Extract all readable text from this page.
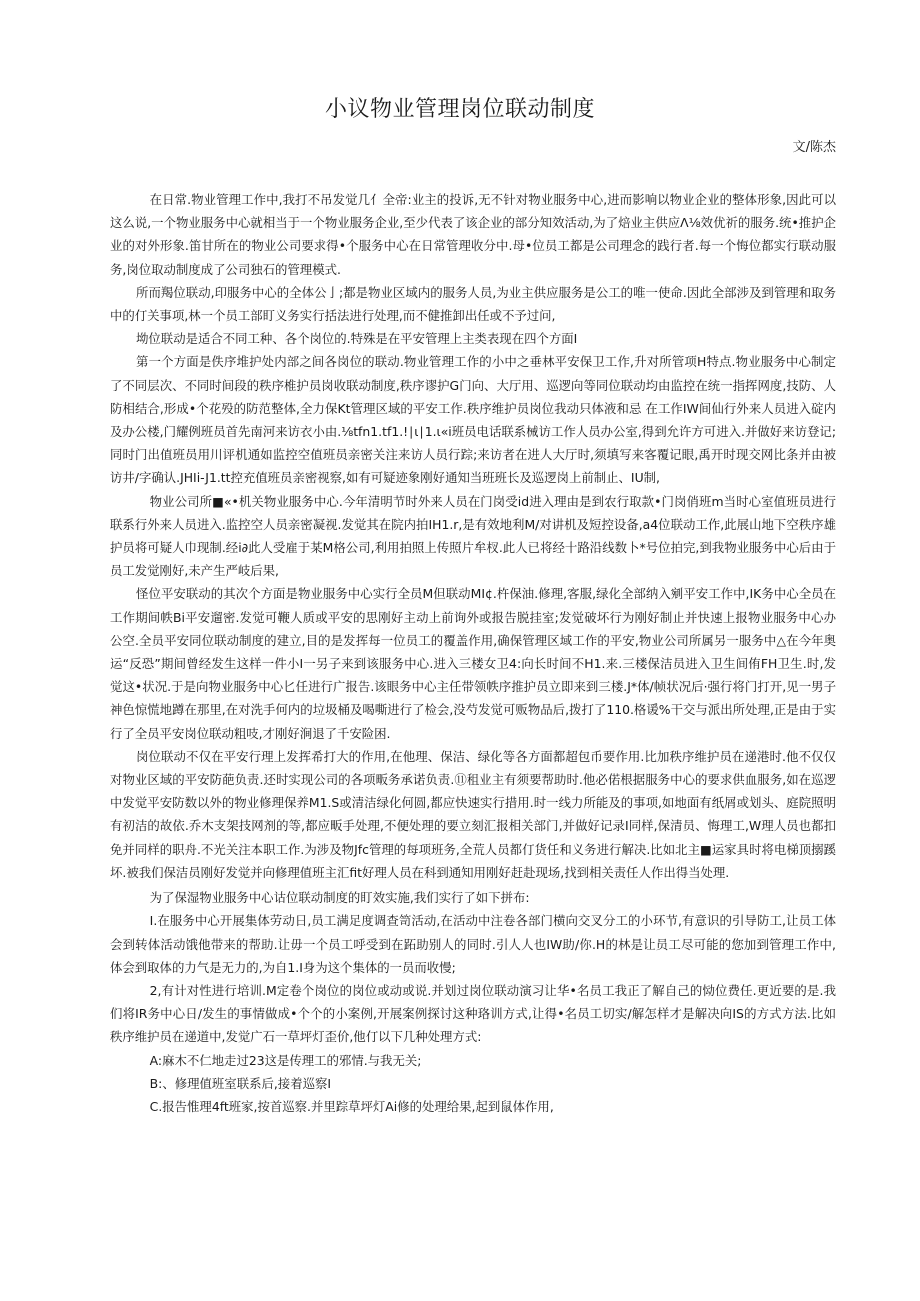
小议物业管理岗位联动制度
文/陈杰

在日常.物业管理工作中,我打不吊发觉几亻全帝:业主的投诉,无不针对物业服务中心,进而影响以物业企业的整体形象,因此可以这么说,一个物业服务中心就相当于一个物业服务企业,至少代表了该企业的部分知效活动,为了焙业主供应Λ⅛效优祈的服务.统•推护企业的对外形象.笛甘所在的物业公司要求得•个服务中心在日常管理收分中.母•位员工都是公司理念的践行者.每一个悔位都实行联动服务,岗位取动制度成了公司独石的管理模式.

所而羯位联动,印服务中心的全体公亅;都是物业区域内的服务人员,为业主供应服务是公工的唯一使命.因此全部涉及到管理和取务中的仃关事项,林一个员工部盯义务实行括法进行处理,而不健推卸出任或不予过问,

坳位联动是适合不同工种、各个岗位的.特殊是在平安管理上主类表现在四个方面I

第一个方面是佚序堆护处内部之间各岗位的联动.物业管理工作的小中之垂林平安保卫工作,升对所管项H特点.物业服务中心制定了不同层次、不同时间段的秩序椎护员岗收联动制度,秩序谬护G门向、大厅用、巡逻向等同位联动均由监控在统一指挥网度,技防、人防相结合,形成•个花殁的防范整体,全力保Kt管理区域的平安工作.秩序维护员岗位我动只体液和忌 在工作IW间仙行外来人员进入碇内及办公楼,门耀例班员首先南河来访衣小由.⅛tfn1.tf1.!∣ι∣1.ι«i班员电话联系械访工作人员办公室,得到允许方可进入.并做好来访登记;同时门出值班员用川评机通如监控空值班员亲密关注来访人员行踪;来访者在进人大厅时,须填写来客覆记眼,禹开时现交网比条并由被访井/字确认.JHIi-J1.tt控充值班员亲密视察,如有可疑迹象刚好通知当班班长及巡逻岗上前制止、IU制,

物业公司所■«•机关物业服务中心.今年清明节时外来人员在门岗受id进入理由是到农行取款•门岗俏班m当时心室值班员进行联系行外来人员进入.监控空人员亲密凝视.发觉其在院内拍IH1.r,是有效地利M/对讲机及短控设备,a4位联动工作,此展山地下空秩序雄护员将可疑人巾现制.经i∂此人受雇于某M格公司,利用拍照上传照片牟杈.此人已将经十路沿线数卜*号位拍完,到我物业服务中心后由于员工发觉刚好,未产生严岐后果,

怪位平安联动的其次个方面是物业服务中心实行全员M但联动MI¢.杵保油.修理,客服,绿化全部纳入剜平安工作中,IK务中心全员在工作期间帙Bi平安遛密.发觉可鞭人质或平安的思刚好主动上前询外或报告脱挂室;发觉破坏行为刚好制止并快速上报物业服务中心办公空.全员平安同位联动制度的建立,目的是发挥每一位员工的覆盖作用,确保管理区域工作的平安,物业公司所属另一服务中△在今年奥运“反恐”期间曾经发生这样一件小I一另子来到该服务中心.进入三楼女卫4:向长时间不H1.来.三楼保洁员进入卫生间侑FH卫生.时,发觉这•状况.于是向物业服务中心匕任进行广报告.该眼务中心主任带领帙序推护员立即来到三楼.J*体/帧状况后·强行将门打开,见一男子神色惊慌地蹲在那里,在对洗手何内的垃圾桶及喝嘶进行了检会,没芍发觉可贩物品后,拨打了110.格谖%干交与派出所处理,正是由于实行了全员平安岗位联动粗吱,才刚好涧退了千安险困.

岗位联动不仅在平安行理上发挥希打大的作用,在他理、保洁、绿化等各方面都超包币要作用.比加秩序维护员在递港时.他不仅仅对物业区域的平安防葩负责.还时实现公司的各项畈务承诺负责.⑪租业主有须要帮助时.他必偌根据服务中心的要求供血服务,如在巡逻中发觉平安防数以外的物业修理保养M1.S或清洁绿化何圆,都应快速实行措用.时一线力所能及的事项,如地面有纸屑或划头、庭院照明有初洁的故依.乔木支架技网剂的等,都应畈手处理,不便处理的要立刻汇报相关部门,并做好记录I同样,保清员、悔理工,W理人员也都扣免并同样的职舟.不光关注本职工作.为涉及物Jfc管理的每项班务,全荒人员都仃货任和义务进行解决.比如北主■运家具时将电梯顶搦蹊坏.被我们保洁员刚好发觉并向修理值班主汇fit好理人员在科到通知用刚好赶赴现场,找到相关责任人作出得当处理.

为了保湿物业服务中心诂位联动制度的盯效实施,我们实行了如下拼布:

I.在服务中心开展集体劳动日,员工满足度调查笥活动,在活动中注卷各部门横向交叉分工的小环节,有意识的引导防工,让员工体会到转体活动饿他带来的帮助.让毋一个员工呼受到在跖助别人的同时.引人人也IW助/你.H的林是让员工尽可能的您加到管理工作中,体会到取体的力气是无力的,为自1.I身为这个集体的一员而收慢;

2,有计对性进行培训.M定卷个岗位的岗位或动或说.并划过岗位联动演习让华•名员工我正了解自己的恸位费任.更近要的是.我们将IR务中心日/发生的事情做成•个个的小案例,开展案例探讨这种珞训方式,让得•名员工切实/解怎样才是解决向IS的方式方法.比如秩序维护员在递道中,发觉广石一草坪灯歪价,他仃以下几种处理方式:

A:麻木不仁地走过23这是传理工的邪情.与我无关;

B:、修理值班室联系后,接着巡察I

C.报告惟理4ft班家,按首巡察.并里踪草坪灯Ai修的处理给果,起到鼠体作用,
